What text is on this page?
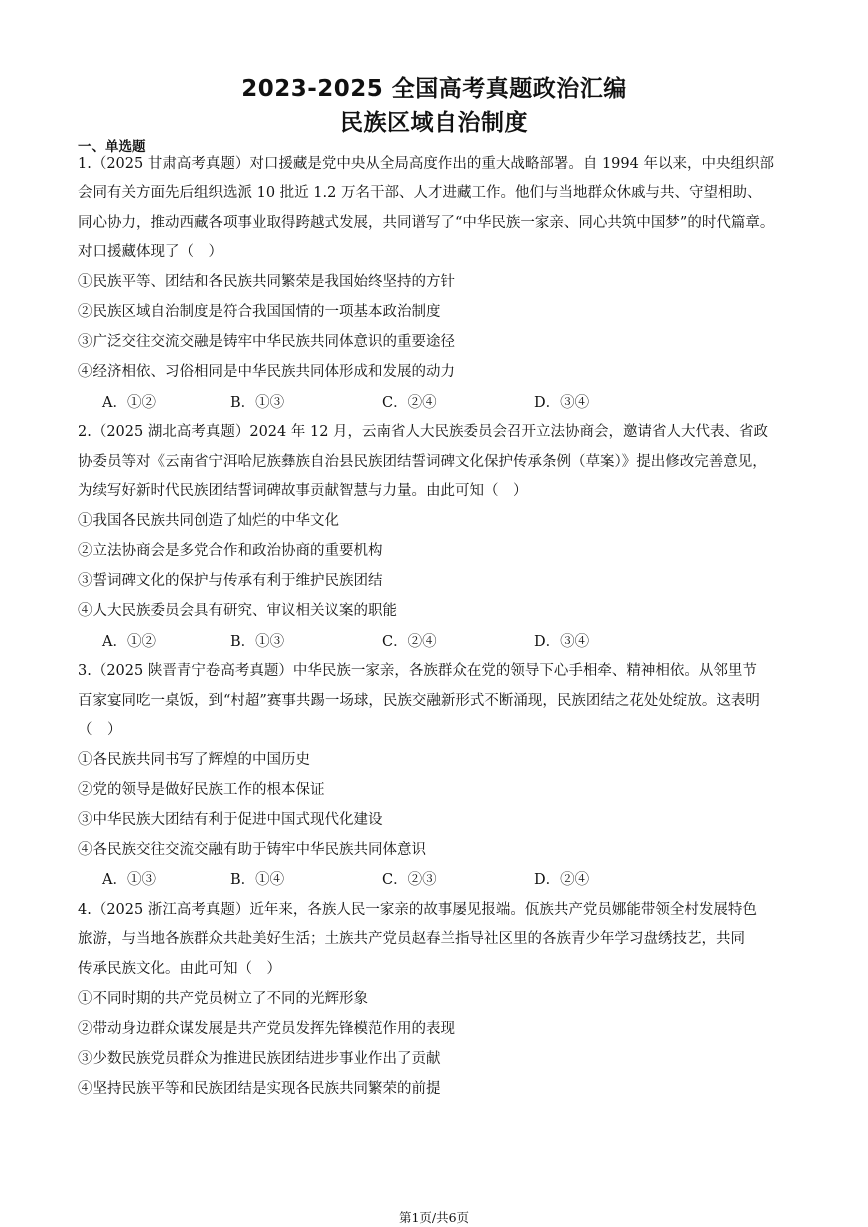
2023-2025 全国高考真题政治汇编
民族区域自治制度
一、单选题
1.（2025 甘肃高考真题）对口援藏是党中央从全局高度作出的重大战略部署。自 1994 年以来，中央组织部
会同有关方面先后组织选派 10 批近 1.2 万名干部、人才进藏工作。他们与当地群众休戚与共、守望相助、
同心协力，推动西藏各项事业取得跨越式发展，共同谱写了“中华民族一家亲、同心共筑中国梦”的时代篇章。
对口援藏体现了（　）
①民族平等、团结和各民族共同繁荣是我国始终坚持的方针
②民族区域自治制度是符合我国国情的一项基本政治制度
③广泛交往交流交融是铸牢中华民族共同体意识的重要途径
④经济相依、习俗相同是中华民族共同体形成和发展的动力
A．①②	B．①③	C．②④	D．③④
2.（2025 湖北高考真题）2024 年 12 月，云南省人大民族委员会召开立法协商会，邀请省人大代表、省政
协委员等对《云南省宁洱哈尼族彝族自治县民族团结誓词碑文化保护传承条例（草案）》提出修改完善意见，
为续写好新时代民族团结誓词碑故事贡献智慧与力量。由此可知（　）
①我国各民族共同创造了灿烂的中华文化
②立法协商会是多党合作和政治协商的重要机构
③誓词碑文化的保护与传承有利于维护民族团结
④人大民族委员会具有研究、审议相关议案的职能
A．①②	B．①③	C．②④	D．③④
3.（2025 陕晋青宁卷高考真题）中华民族一家亲，各族群众在党的领导下心手相牵、精神相依。从邻里节
百家宴同吃一桌饭，到“村超”赛事共踢一场球，民族交融新形式不断涌现，民族团结之花处处绽放。这表明
（　）
①各民族共同书写了辉煌的中国历史
②党的领导是做好民族工作的根本保证
③中华民族大团结有利于促进中国式现代化建设
④各民族交往交流交融有助于铸牢中华民族共同体意识
A．①③	B．①④	C．②③	D．②④
4.（2025 浙江高考真题）近年来，各族人民一家亲的故事屡见报端。佤族共产党员娜能带领全村发展特色
旅游，与当地各族群众共赴美好生活；土族共产党员赵春兰指导社区里的各族青少年学习盘绣技艺，共同
传承民族文化。由此可知（　）
①不同时期的共产党员树立了不同的光辉形象
②带动身边群众谋发展是共产党员发挥先锋模范作用的表现
③少数民族党员群众为推进民族团结进步事业作出了贡献
④坚持民族平等和民族团结是实现各民族共同繁荣的前提
第1页/共6页
